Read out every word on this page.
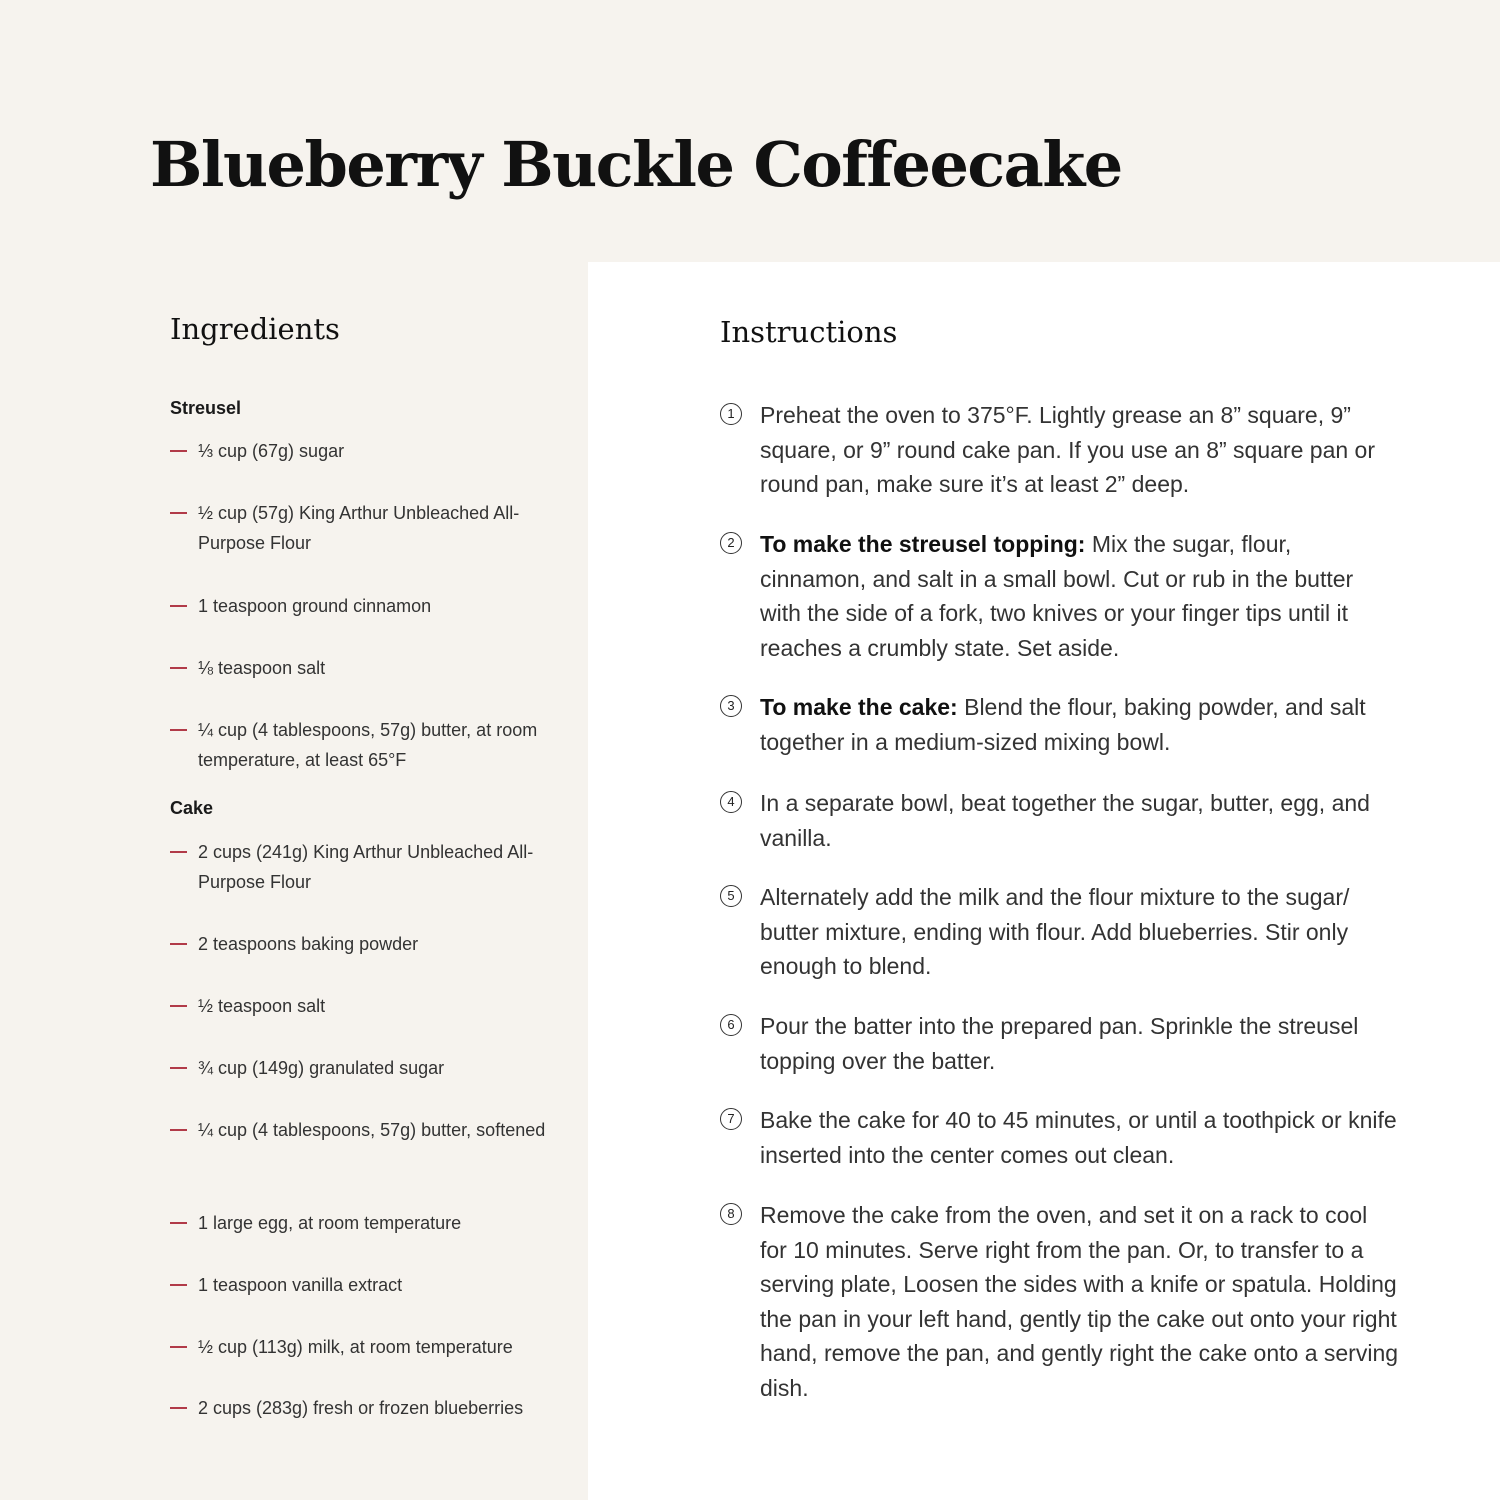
Blueberry Buckle Coffeecake
Ingredients
Streusel
⅓ cup (67g) sugar
½ cup (57g) King Arthur Unbleached All-Purpose Flour
1 teaspoon ground cinnamon
⅛ teaspoon salt
¼ cup (4 tablespoons, 57g) butter, at room temperature, at least 65°F
Cake
2 cups (241g) King Arthur Unbleached All-Purpose Flour
2 teaspoons baking powder
½ teaspoon salt
¾ cup (149g) granulated sugar
¼ cup (4 tablespoons, 57g) butter, softened
1 large egg, at room temperature
1 teaspoon vanilla extract
½ cup (113g) milk, at room temperature
2 cups (283g) fresh or frozen blueberries
Instructions
1	Preheat the oven to 375°F. Lightly grease an 8” square, 9” square, or 9” round cake pan. If you use an 8” square pan or round pan, make sure it’s at least 2” deep.
2	To make the streusel topping: Mix the sugar, flour, cinnamon, and salt in a small bowl. Cut or rub in the butter with the side of a fork, two knives or your finger tips until it reaches a crumbly state. Set aside.
3	To make the cake: Blend the flour, baking powder, and salt together in a medium-sized mixing bowl.
4	In a separate bowl, beat together the sugar, butter, egg, and vanilla.
5	Alternately add the milk and the flour mixture to the sugar/ butter mixture, ending with flour. Add blueberries. Stir only enough to blend.
6	Pour the batter into the prepared pan. Sprinkle the streusel topping over the batter.
7	Bake the cake for 40 to 45 minutes, or until a toothpick or knife inserted into the center comes out clean.
8	Remove the cake from the oven, and set it on a rack to cool for 10 minutes. Serve right from the pan. Or, to transfer to a serving plate, Loosen the sides with a knife or spatula. Holding the pan in your left hand, gently tip the cake out onto your right hand, remove the pan, and gently right the cake onto a serving dish.
